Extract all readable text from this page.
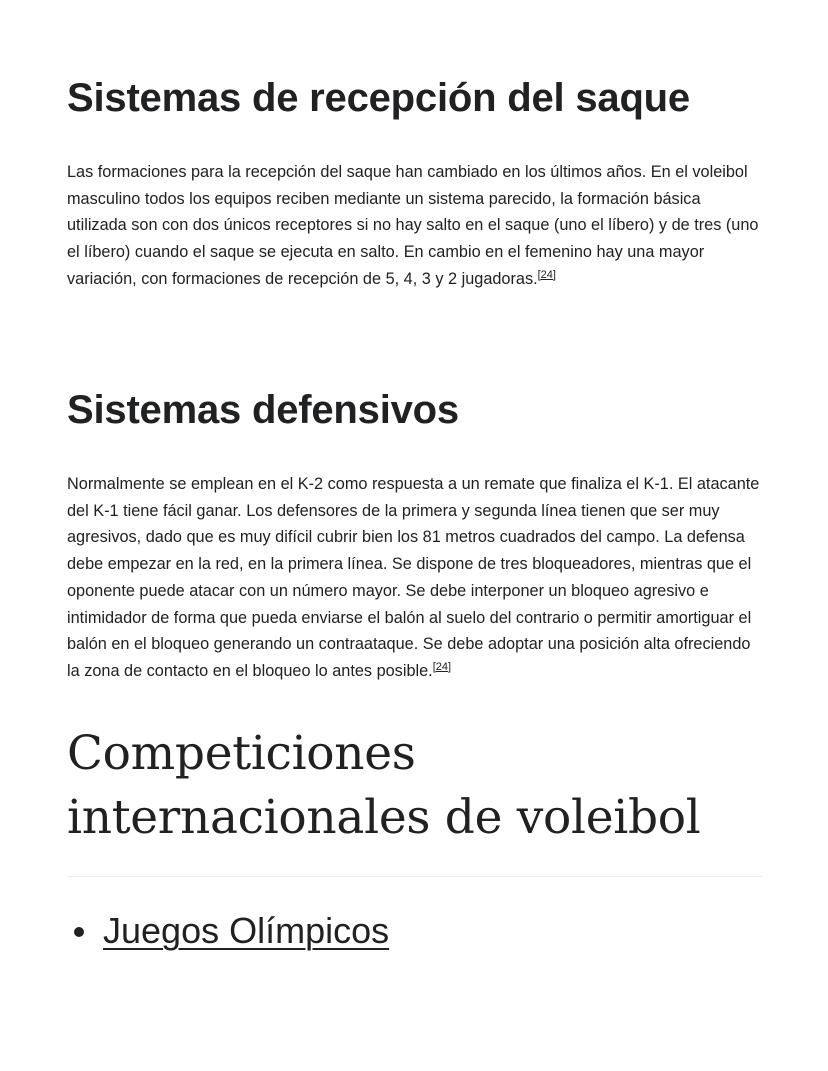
Sistemas de recepción del saque

Las formaciones para la recepción del saque han cambiado en los últimos años. En el voleibol masculino todos los equipos reciben mediante un sistema parecido, la formación básica utilizada son con dos únicos receptores si no hay salto en el saque (uno el líbero) y de tres (uno el líbero) cuando el saque se ejecuta en salto. En cambio en el femenino hay una mayor variación, con formaciones de recepción de 5, 4, 3 y 2 jugadoras.[24]

Sistemas defensivos

Normalmente se emplean en el K-2 como respuesta a un remate que finaliza el K-1. El atacante del K-1 tiene fácil ganar. Los defensores de la primera y segunda línea tienen que ser muy agresivos, dado que es muy difícil cubrir bien los 81 metros cuadrados del campo. La defensa debe empezar en la red, en la primera línea. Se dispone de tres bloqueadores, mientras que el oponente puede atacar con un número mayor. Se debe interponer un bloqueo agresivo e intimidador de forma que pueda enviarse el balón al suelo del contrario o permitir amortiguar el balón en el bloqueo generando un contraataque. Se debe adoptar una posición alta ofreciendo la zona de contacto en el bloqueo lo antes posible.[24]

Competiciones internacionales de voleibol
Juegos Olímpicos
